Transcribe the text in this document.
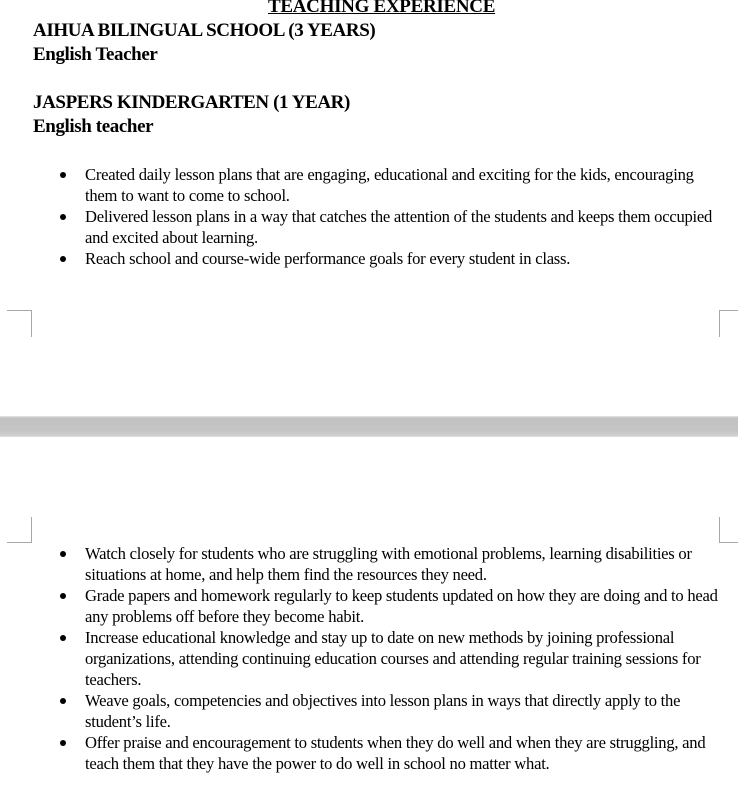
TEACHING EXPERIENCE
AIHUA BILINGUAL SCHOOL (3 YEARS)
English Teacher
JASPERS KINDERGARTEN (1 YEAR)
English teacher
Created daily lesson plans that are engaging, educational and exciting for the kids, encouraging them to want to come to school.
Delivered lesson plans in a way that catches the attention of the students and keeps them occupied and excited about learning.
Reach school and course-wide performance goals for every student in class.
Watch closely for students who are struggling with emotional problems, learning disabilities or situations at home, and help them find the resources they need.
Grade papers and homework regularly to keep students updated on how they are doing and to head any problems off before they become habit.
Increase educational knowledge and stay up to date on new methods by joining professional organizations, attending continuing education courses and attending regular training sessions for teachers.
Weave goals, competencies and objectives into lesson plans in ways that directly apply to the student’s life.
Offer praise and encouragement to students when they do well and when they are struggling, and teach them that they have the power to do well in school no matter what.
